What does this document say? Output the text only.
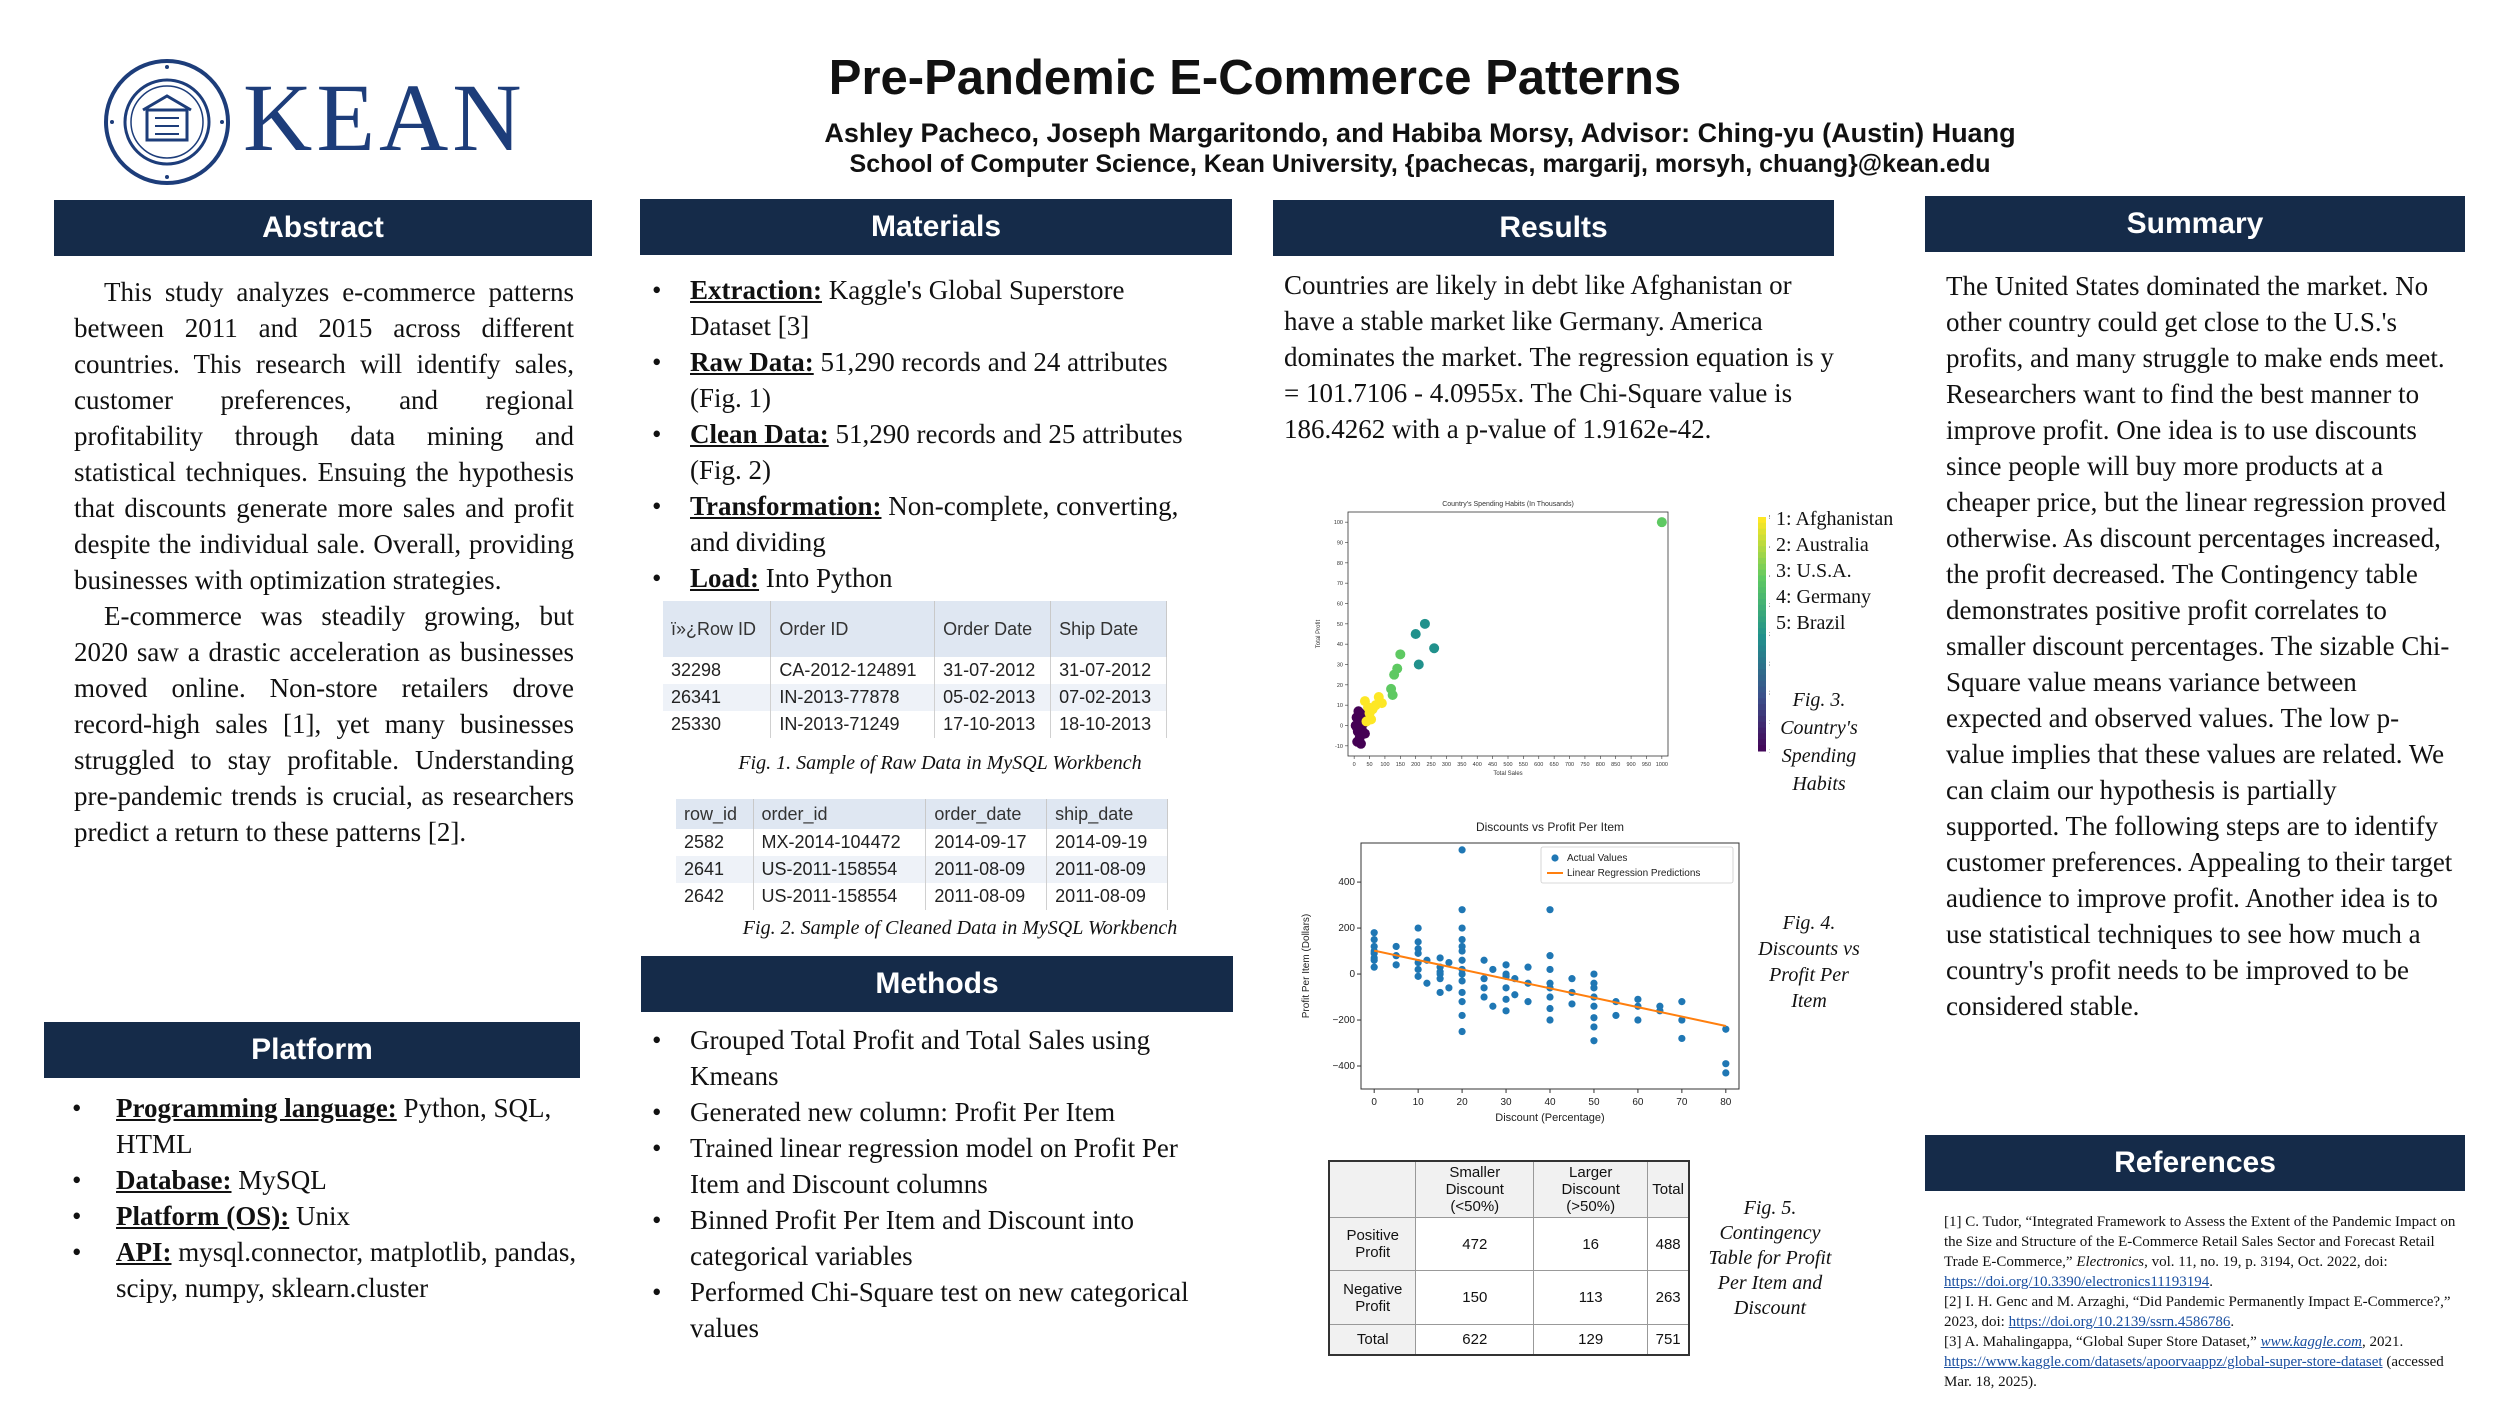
KEAN	Pre-Pandemic E-Commerce Patterns
Ashley Pacheco, Joseph Margaritondo, and Habiba Morsy, Advisor: Ching-yu (Austin) Huang
School of Computer Science, Kean University, {pachecas, margarij, morsyh, chuang}@kean.edu
Abstract

This study analyzes e-commerce patterns between 2011 and 2015 across different countries. This research will identify sales, customer preferences, and regional profitability through data mining and statistical techniques. Ensuing the hypothesis that discounts generate more sales and profit despite the individual sale. Overall, providing businesses with optimization strategies.

E-commerce was steadily growing, but 2020 saw a drastic acceleration as businesses moved online. Non-store retailers drove record-high sales [1], yet many businesses struggled to stay profitable. Understanding pre-pandemic trends is crucial, as researchers predict a return to these patterns [2].

Platform
• Programming language: Python, SQL, HTML
• Database: MySQL
• Platform (OS): Unix
• API: mysql.connector, matplotlib, pandas, scipy, numpy, sklearn.cluster
Materials
• Extraction: Kaggle's Global Superstore Dataset [3]
• Raw Data: 51,290 records and 24 attributes (Fig. 1)
• Clean Data: 51,290 records and 25 attributes (Fig. 2)
• Transformation: Non-complete, converting, and dividing
• Load: Into Python
ï»¿Row ID	Order ID	Order Date	Ship Date
32298	CA-2012-124891	31-07-2012	31-07-2012
26341	IN-2013-77878	05-02-2013	07-02-2013
25330	IN-2013-71249	17-10-2013	18-10-2013
Fig. 1. Sample of Raw Data in MySQL Workbench
row_id	order_id	order_date	ship_date
2582	MX-2014-104472	2014-09-17	2014-09-19
2641	US-2011-158554	2011-08-09	2011-08-09
2642	US-2011-158554	2011-08-09	2011-08-09
Fig. 2. Sample of Cleaned Data in MySQL Workbench
Methods
• Grouped Total Profit and Total Sales using Kmeans
• Generated new column: Profit Per Item
• Trained linear regression model on Profit Per Item and Discount columns
• Binned Profit Per Item and Discount into categorical variables
• Performed Chi-Square test on new categorical values
Results
Countries are likely in debt like Afghanistan or have a stable market like Germany. America dominates the market. The regression equation is y = 101.7106 - 4.0955x. The Chi-Square value is 186.4262 with a p-value of 1.9162e-42.
Country's Spending Habits (In Thousands)
0 50 100 150 200 250 300 350 400 450 500 550 600 650 700 750 800 850 900 950 1000
-10
0
10
20
30
40
50
60
70
80
90
100
Total Sales
Total Profit
1: Afghanistan
2: Australia
3: U.S.A.
4: Germany
5: Brazil
Fig. 3. Country's Spending Habits
Discounts vs Profit Per Item
0	10	20	30	40	50	60	70	80
−400
−200
0
200
400
Discount (Percentage)
Profit Per Item (Dollars)
Actual Values
Linear Regression Predictions
Fig. 4. Discounts vs Profit Per Item
	Smaller Discount (<50%)	Larger Discount (>50%)	Total
Positive Profit	472	16	488
Negative Profit	150	113	263
Total	622	129	751
Fig. 5. Contingency Table for Profit Per Item and Discount
Summary
The United States dominated the market. No other country could get close to the U.S.'s profits, and many struggle to make ends meet. Researchers want to find the best manner to improve profit. One idea is to use discounts since people will buy more products at a cheaper price, but the linear regression proved otherwise. As discount percentages increased, the profit decreased. The Contingency table demonstrates positive profit correlates to smaller discount percentages. The sizable Chi-Square value means variance between expected and observed values. The low p-value implies that these values are related. We can claim our hypothesis is partially supported. The following steps are to identify customer preferences. Appealing to their target audience to improve profit. Another idea is to use statistical techniques to see how much a country's profit needs to be improved to be considered stable.
References

[1] C. Tudor, “Integrated Framework to Assess the Extent of the Pandemic Impact on the Size and Structure of the E-Commerce Retail Sales Sector and Forecast Retail Trade E-Commerce,” Electronics, vol. 11, no. 19, p. 3194, Oct. 2022, doi: https://doi.org/10.3390/electronics11193194.

[2] I. H. Genc and M. Arzaghi, “Did Pandemic Permanently Impact E-Commerce?,” 2023, doi: https://doi.org/10.2139/ssrn.4586786.

[3] A. Mahalingappa, “Global Super Store Dataset,” www.kaggle.com, 2021. https://www.kaggle.com/datasets/apoorvaappz/global-super-store-dataset (accessed Mar. 18, 2025).
